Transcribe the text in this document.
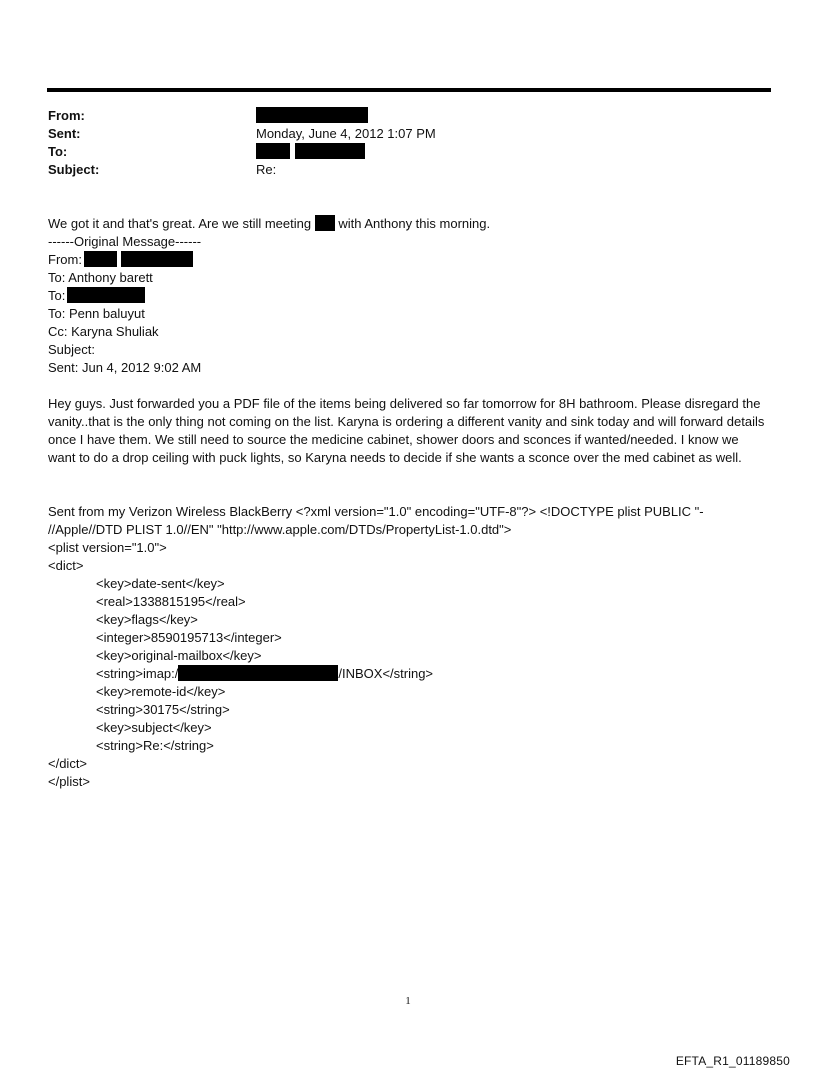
From:
Sent:	Monday, June 4, 2012 1:07 PM
To:

Subject:	Re:
We got it and that's great. Are we still meeting with Anthony this morning.
------Original Message------
From:
To: Anthony barett
To:
To: Penn baluyut
Cc: Karyna Shuliak
Subject:
Sent: Jun 4, 2012 9:02 AM
Hey guys. Just forwarded you a PDF file of the items being delivered so far tomorrow for 8H bathroom. Please disregard the vanity..that is the only thing not coming on the list. Karyna is ordering a different vanity and sink today and will forward details once I have them. We still need to source the medicine cabinet, shower doors and sconces if wanted/needed. I know we want to do a drop ceiling with puck lights, so Karyna needs to decide if she wants a sconce over the med cabinet as well.
Sent from my Verizon Wireless BlackBerry <?xml version="1.0" encoding="UTF-8"?> <!DOCTYPE plist PUBLIC "-
//Apple//DTD PLIST 1.0//EN" "http://www.apple.com/DTDs/PropertyList-1.0.dtd">
<plist version="1.0">
<dict>
<key>date-sent</key>
<real>1338815195</real>
<key>flags</key>
<integer>8590195713</integer>
<key>original-mailbox</key>
<string>imap:/	/INBOX</string>
<key>remote-id</key>
<string>30175</string>
<key>subject</key>
<string>Re:</string>
</dict>
</plist>
1
EFTA_R1_01189850
